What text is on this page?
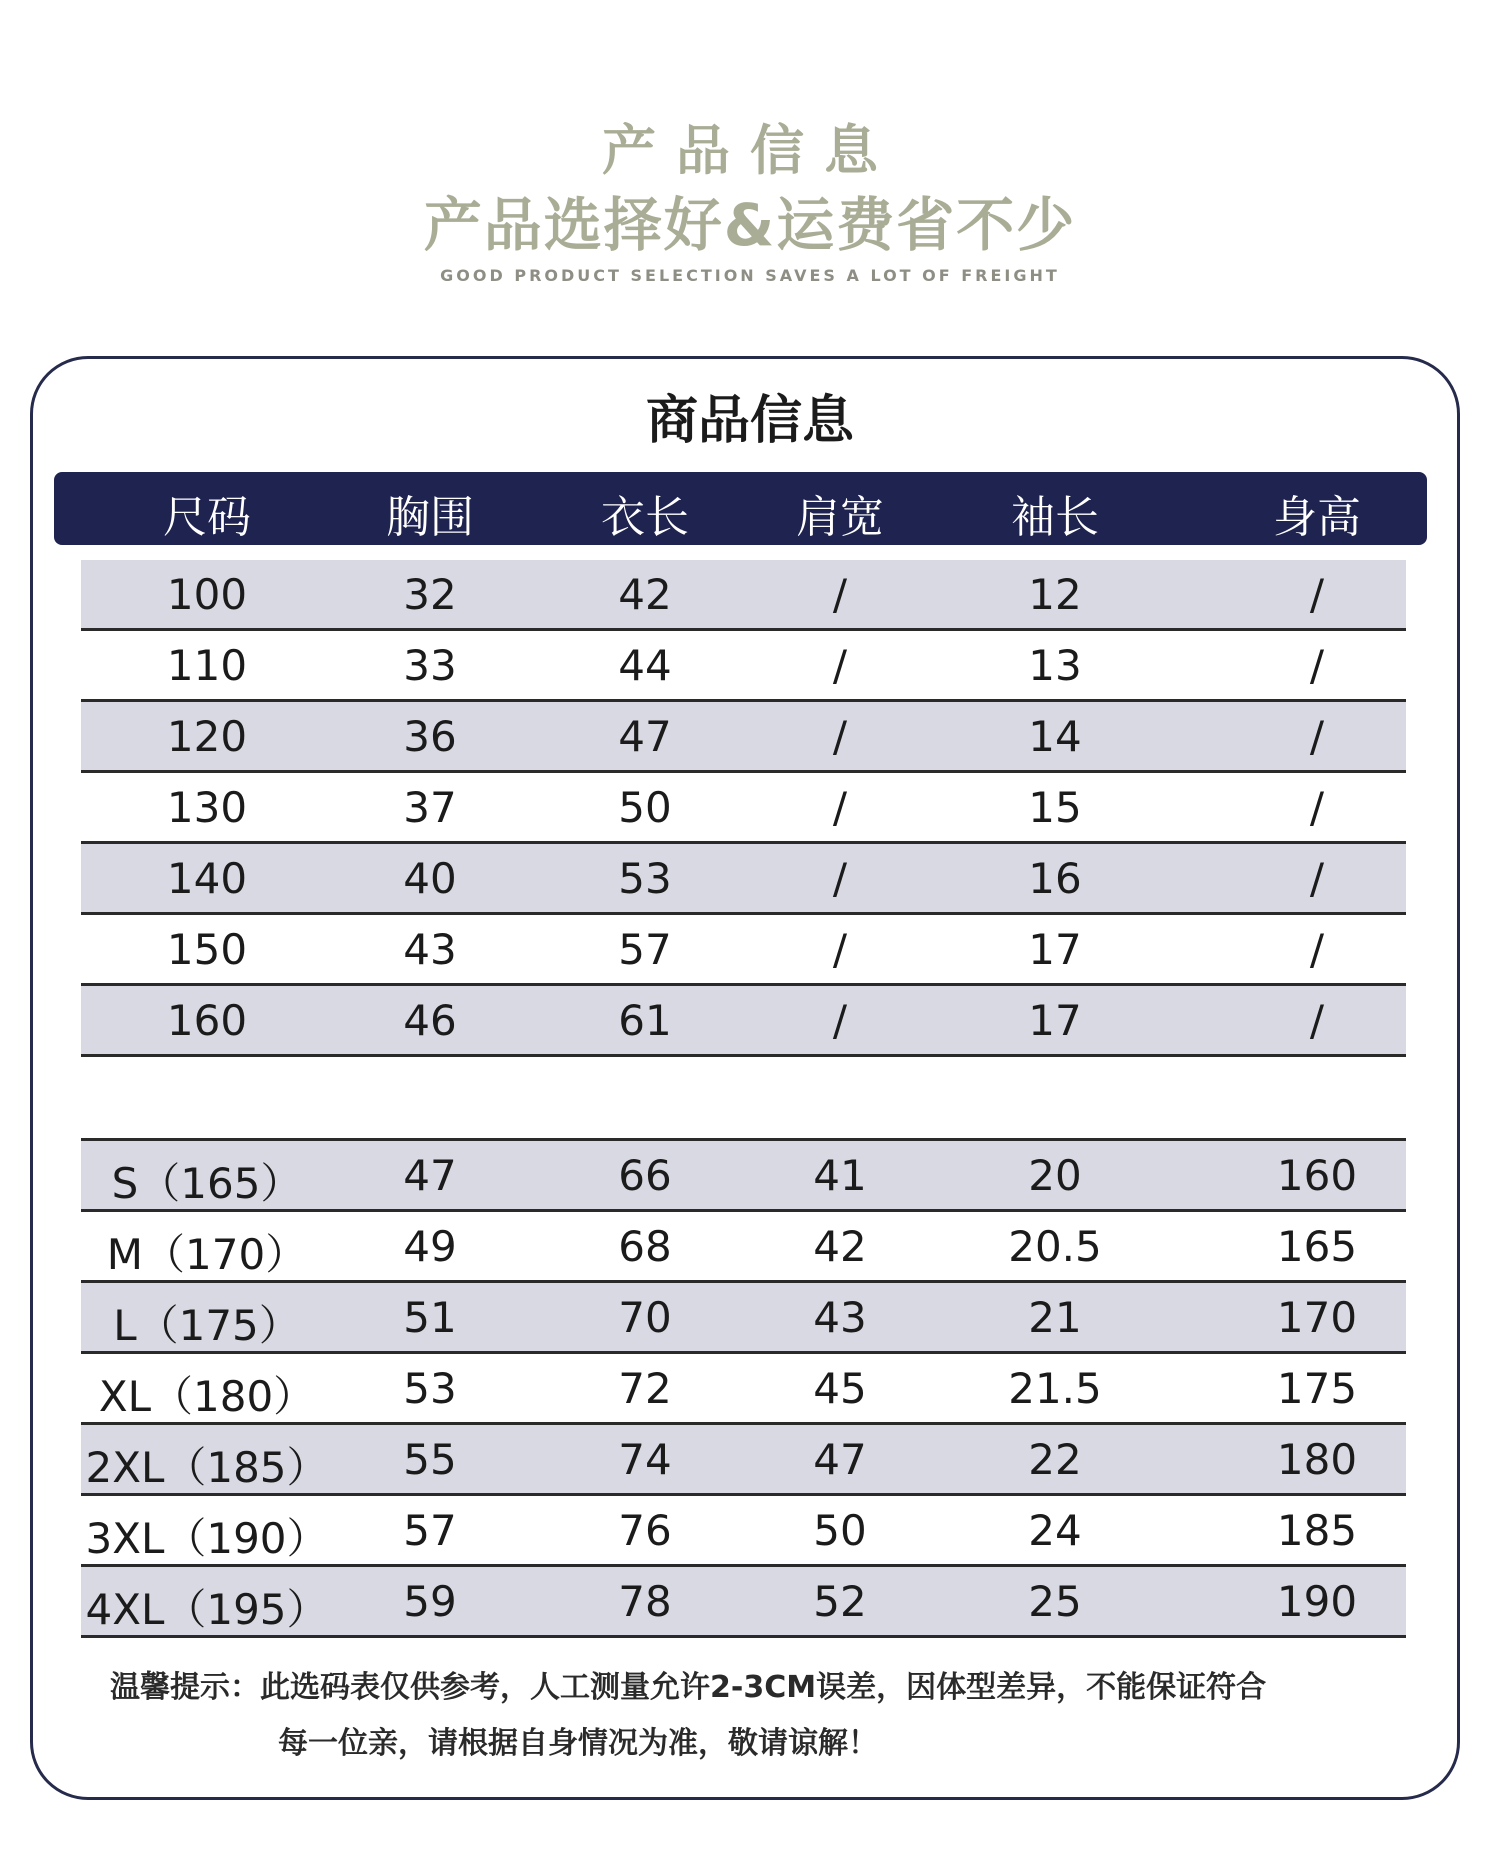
产品信息
产品选择好&运费省不少
GOOD PRODUCT SELECTION SAVES A LOT OF FREIGHT
商品信息
尺码	胸围	衣长 肩宽	袖长	身高
100	32	42	/	12	/
110	33	44	/	13	/
120	36	47	/	14	/
130	37	50	/	15	/
140	40	53	/	16	/
150	43	57	/	17	/
160	46	61	/	17	/
S（165） 47	66	41	20	160
M（170） 49	68	42	20.5	165
L（175） 51	70	43	21	170
XL（180） 53	72	45	21.5	175
2XL（185） 55	74	47	22	180
3XL（190） 57	76	50	24	185
4XL（195） 59	78	52	25	190
温馨提示：此选码表仅供参考，人工测量允许2-3CM误差，因体型差异，不能保证符合
每一位亲，请根据自身情况为准，敬请谅解！
